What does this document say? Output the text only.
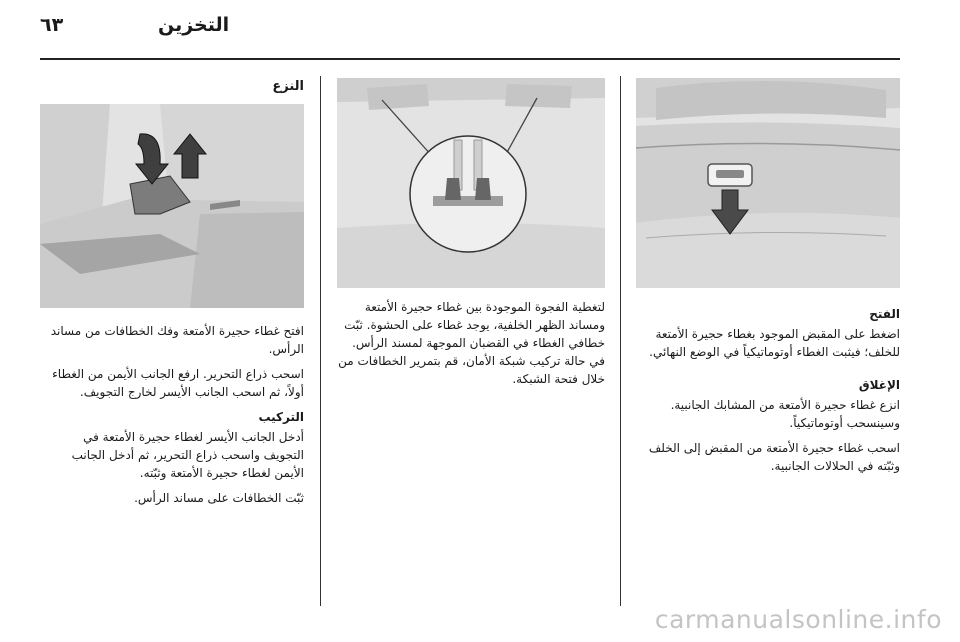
٦٣	التخزين

الفتح
اضغط على المقبض الموجود بغطاء حجيرة الأمتعة للخلف؛ فيثبت الغطاء أوتوماتيكياً في الوضع النهائي.

الإغلاق

انزع غطاء حجيرة الأمتعة من المشابك الجانبية. وسينسحب أوتوماتيكياً.

اسحب غطاء حجيرة الأمتعة من المقبض إلى الخلف وثبّته في الحلالات الجانبية.

لتغطية الفجوة الموجودة بين غطاء حجيرة الأمتعة ومساند الظهر الخلفية، يوجد غطاء على الحشوة. ثبّت خطافي الغطاء في القضبان الموجهة لمسند الرأس. في حالة تركيب شبكة الأمان، قم بتمرير الخطافات من خلال فتحة الشبكة.

النزع

افتح غطاء حجيرة الأمتعة وفك الخطافات من مساند الرأس.

اسحب ذراع التحرير. ارفع الجانب الأيمن من الغطاء أولاً، ثم اسحب الجانب الأيسر لخارج التجويف.

التركيب

أدخل الجانب الأيسر لغطاء حجيرة الأمتعة في التجويف واسحب ذراع التحرير، ثم أدخل الجانب الأيمن لغطاء حجيرة الأمتعة وثبّته.

ثبّت الخطافات على مساند الرأس.

carmanualsonline.info
